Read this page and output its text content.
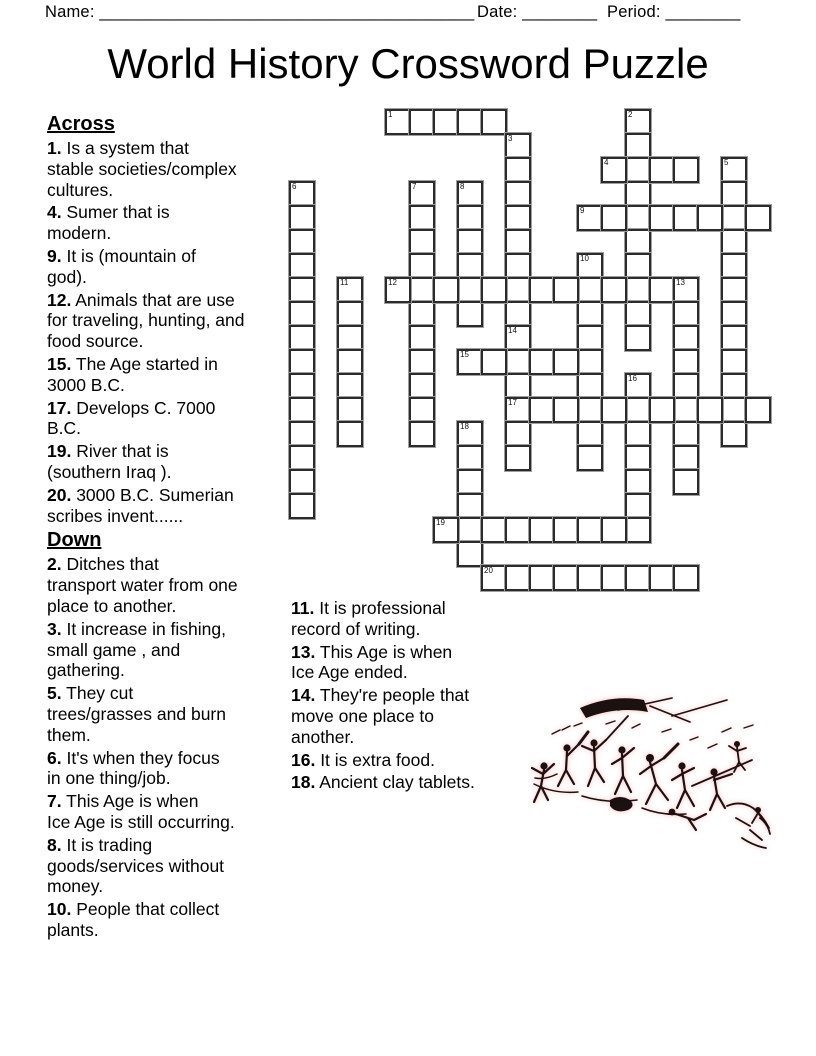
Name: ________________________________________ Date: ________ Period: ________
World History Crossword Puzzle
Across

1. Is a system that
stable societies/complex
cultures.

4. Sumer that is
modern.

9. It is (mountain of
god).

12. Animals that are use
for traveling, hunting, and
food source.

15. The Age started in
3000 B.C.

17. Develops C. 7000
B.C.

19. River that is
(southern Iraq ).

20. 3000 B.C. Sumerian
scribes invent......

Down

2. Ditches that
transport water from one
place to another.

3. It increase in fishing,
small game , and
gathering.

5. They cut
trees/grasses and burn
them.

6. It's when they focus
in one thing/job.

7. This Age is when
Ice Age is still occurring.

8. It is trading
goods/services without
money.

10. People that collect
plants.

11. It is professional
record of writing.

13. This Age is when
Ice Age ended.

14. They're people that
move one place to
another.

16. It is extra food.

18. Ancient clay tablets.

1	2
3
4	5
6	7	8
9
10
11	12	13
14
17
15
16
18
19
20
